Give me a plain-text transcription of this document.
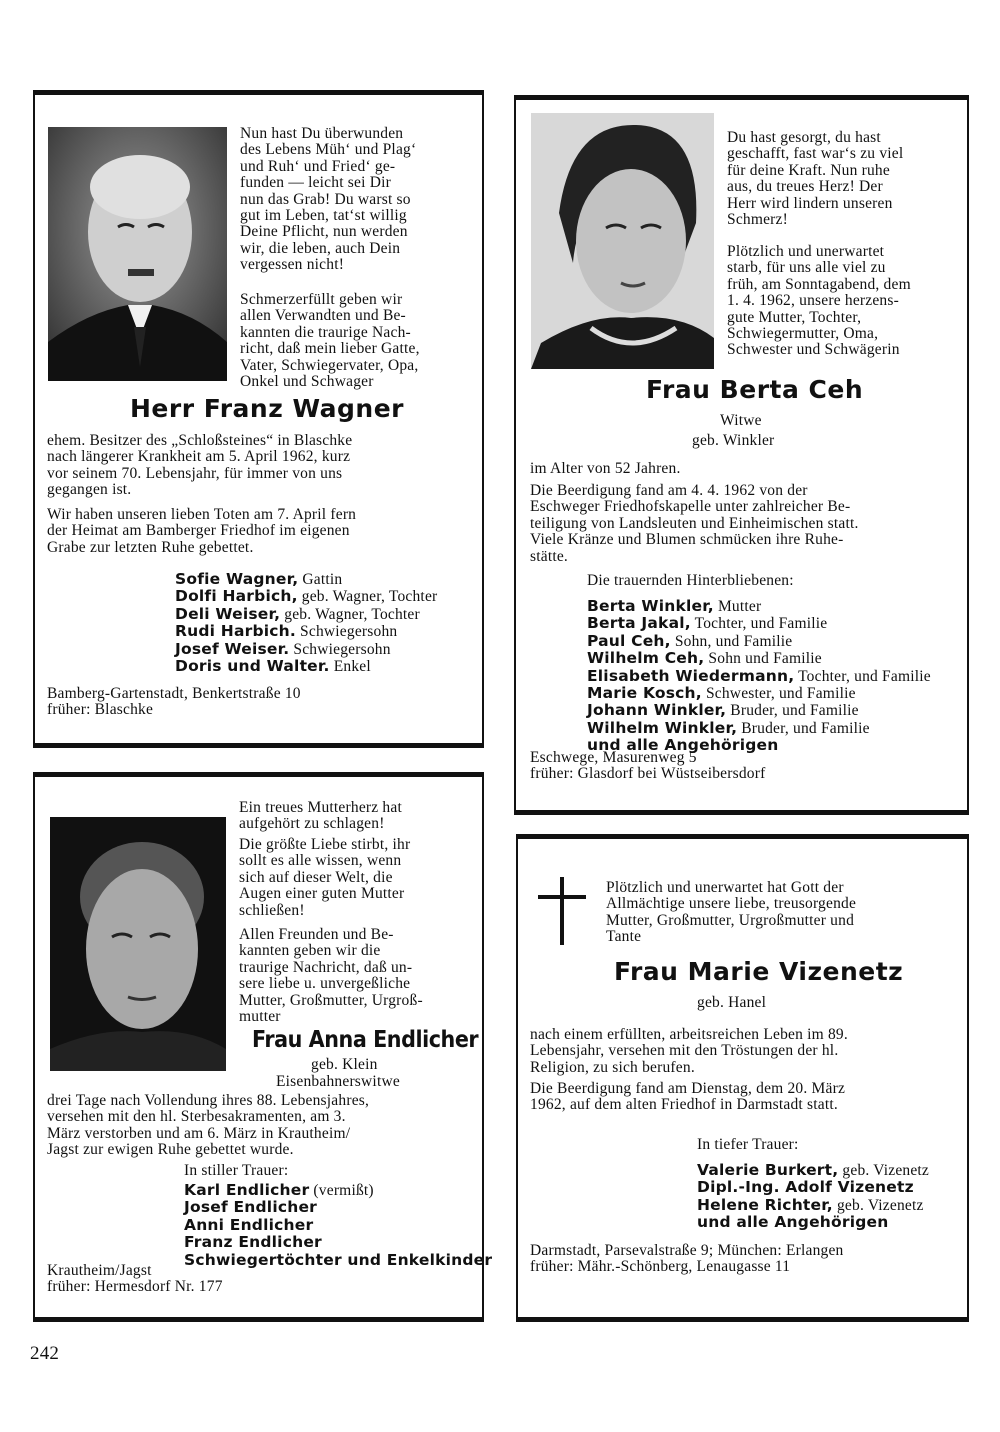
Nun hast Du überwunden
des Lebens Müh‘ und Plag‘
und Ruh‘ und Fried‘ ge-
funden — leicht sei Dir
nun das Grab! Du warst so
gut im Leben, tat‘st willig
Deine Pflicht, nun werden
wir, die leben, auch Dein
vergessen nicht!
Schmerzerfüllt geben wir
allen Verwandten und Be-
kannten die traurige Nach-
richt, daß mein lieber Gatte,
Vater, Schwiegervater, Opa,
Onkel und Schwager
Herr Franz Wagner
ehem. Besitzer des „Schloßsteines“ in Blaschke
nach längerer Krankheit am 5. April 1962, kurz
vor seinem 70. Lebensjahr, für immer von uns
gegangen ist.
Wir haben unseren lieben Toten am 7. April fern
der Heimat am Bamberger Friedhof im eigenen
Grabe zur letzten Ruhe gebettet.
Sofie Wagner, Gattin
Dolfi Harbich, geb. Wagner, Tochter
Deli Weiser, geb. Wagner, Tochter
Rudi Harbich. Schwiegersohn
Josef Weiser. Schwiegersohn
Doris und Walter. Enkel
Bamberg-Gartenstadt, Benkertstraße 10
früher: Blaschke
Du hast gesorgt, du hast
geschafft, fast war‘s zu viel
für deine Kraft. Nun ruhe
aus, du treues Herz! Der
Herr wird lindern unseren
Schmerz!
Plötzlich und unerwartet
starb, für uns alle viel zu
früh, am Sonntagabend, dem
1. 4. 1962, unsere herzens-
gute Mutter, Tochter,
Schwiegermutter, Oma,
Schwester und Schwägerin
Frau Berta Ceh
Witwe
geb. Winkler
im Alter von 52 Jahren.
Die Beerdigung fand am 4. 4. 1962 von der
Eschweger Friedhofskapelle unter zahlreicher Be-
teiligung von Landsleuten und Einheimischen statt.
Viele Kränze und Blumen schmücken ihre Ruhe-
stätte.
Die trauernden Hinterbliebenen:
Berta Winkler, Mutter
Berta Jakal, Tochter, und Familie
Paul Ceh, Sohn, und Familie
Wilhelm Ceh, Sohn und Familie
Elisabeth Wiedermann, Tochter, und Familie
Marie Kosch, Schwester, und Familie
Johann Winkler, Bruder, und Familie
Wilhelm Winkler, Bruder, und Familie
und alle Angehörigen
Eschwege, Masurenweg 5
früher: Glasdorf bei Wüstseibersdorf
Ein treues Mutterherz hat
aufgehört zu schlagen!
Die größte Liebe stirbt, ihr
sollt es alle wissen, wenn
sich auf dieser Welt, die
Augen einer guten Mutter
schließen!
Allen Freunden und Be-
kannten geben wir die
traurige Nachricht, daß un-
sere liebe u. unvergeßliche
Mutter, Großmutter, Urgroß-
mutter
Frau Anna Endlicher
geb. Klein
Eisenbahnerswitwe
drei Tage nach Vollendung ihres 88. Lebensjahres,
versehen mit den hl. Sterbesakramenten, am 3.
März verstorben und am 6. März in Krautheim/
Jagst zur ewigen Ruhe gebettet wurde.
In stiller Trauer:
Karl Endlicher (vermißt)
Josef Endlicher
Anni Endlicher
Franz Endlicher
Schwiegertöchter und Enkelkinder
Krautheim/Jagst
früher: Hermesdorf Nr. 177
Plötzlich und unerwartet hat Gott der
Allmächtige unsere liebe, treusorgende
Mutter, Großmutter, Urgroßmutter und
Tante
Frau Marie Vizenetz
geb. Hanel
nach einem erfüllten, arbeitsreichen Leben im 89.
Lebensjahr, versehen mit den Tröstungen der hl.
Religion, zu sich berufen.
Die Beerdigung fand am Dienstag, dem 20. März
1962, auf dem alten Friedhof in Darmstadt statt.
In tiefer Trauer:
Valerie Burkert, geb. Vizenetz
Dipl.-Ing. Adolf Vizenetz
Helene Richter, geb. Vizenetz
und alle Angehörigen
Darmstadt, Parsevalstraße 9; München: Erlangen
früher: Mähr.-Schönberg, Lenaugasse 11
242
